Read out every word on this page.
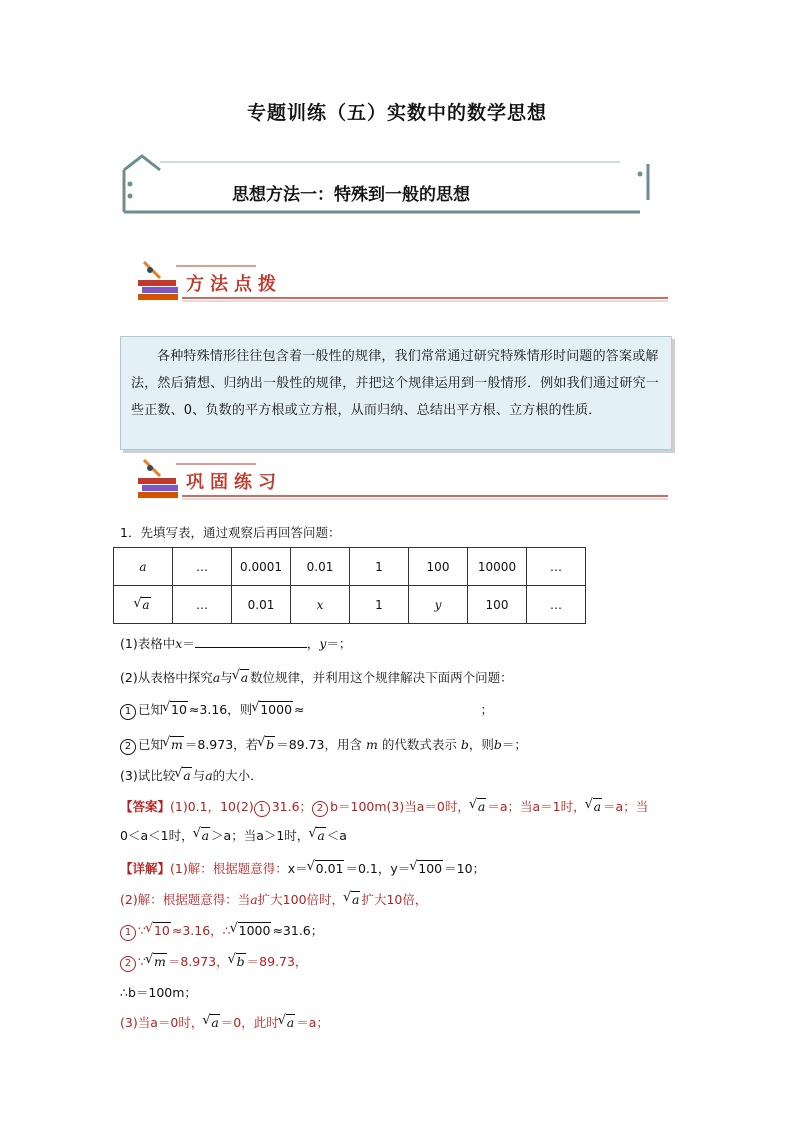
专题训练（五）实数中的数学思想
思想方法一：特殊到一般的思想
方法点拨
各种特殊情形往往包含着一般性的规律，我们常常通过研究特殊情形时问题的答案或解法，然后猜想、归纳出一般性的规律，并把这个规律运用到一般情形．例如我们通过研究一些正数、0、负数的平方根或立方根，从而归纳、总结出平方根、立方根的性质．
巩固练习
1．先填写表，通过观察后再回答问题：
a	…	0.0001	0.01	1	100	10000	…
√ a	…	0.01	x	1	y	100	…
(1)表格中x＝	，y＝；
(2)从表格中探究a与 √ a 数位规律，并利用这个规律解决下面两个问题：
1 已知 √ 10 ≈3.16，则 √ 1000 ≈	；
2 已知 √ m ＝8.973，若 √ b ＝89.73，用含 m 的代数式表示 b，则b＝；
(3)试比较 √ a 与a的大小．
【答案】(1)0.1，10(2) 1 31.6； 2 b＝100m(3)当a＝0时， √ a ＝a；当a＝1时， √ a ＝a；当
0＜a＜1时， √ a ＞a；当a＞1时， √ a ＜a
【详解】(1)解：根据题意得：x＝ √ 0.01 ＝0.1，y＝ √ 100 ＝10；
(2)解：根据题意得：当a扩大100倍时， √ a 扩大10倍，
1 ∵ √ 10 ≈3.16，∴ √ 1000 ≈31.6；
2 ∵ √ m ＝8.973， √ b ＝89.73，
∴b＝100m；
(3)当a＝0时， √ a ＝0，此时 √ a ＝a；
